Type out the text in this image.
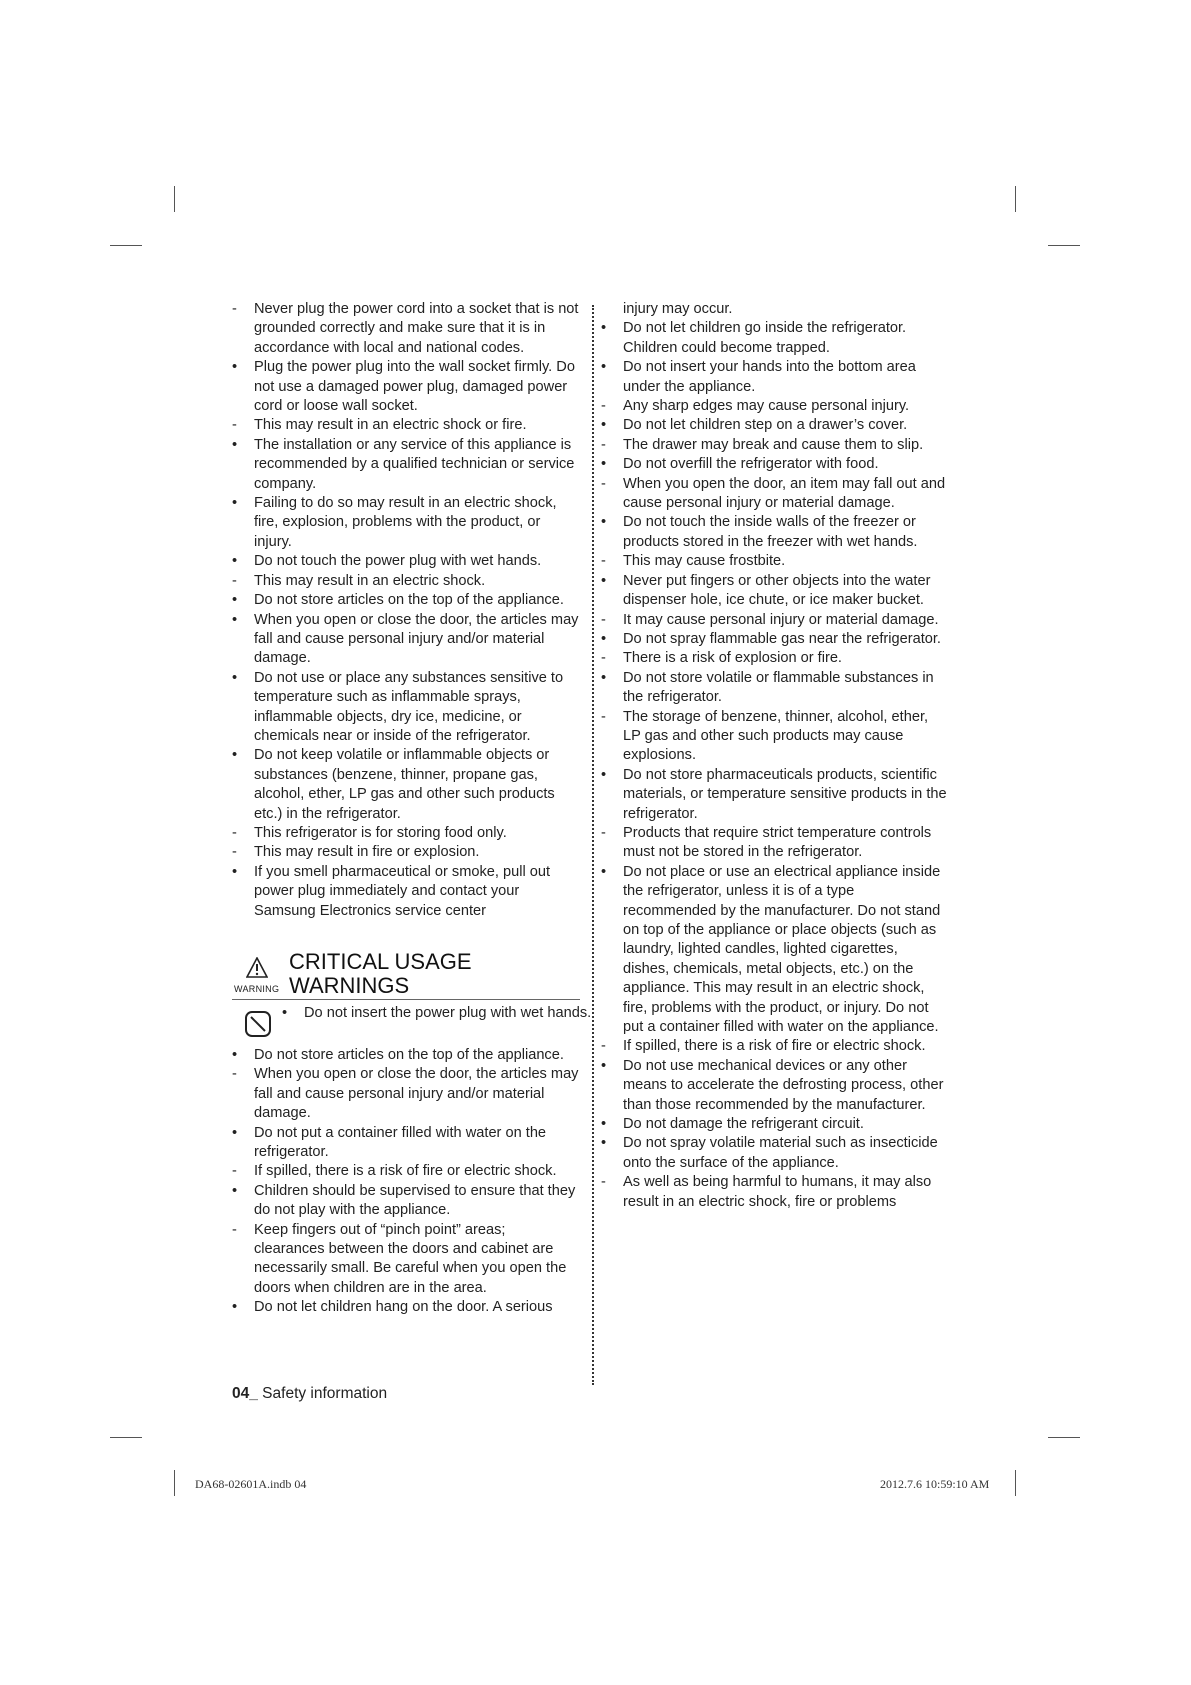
-	Never plug the power cord into a socket that is not grounded correctly and make sure that it is in accordance with local and national codes.
•	Plug the power plug into the wall socket firmly. Do not use a damaged power plug, damaged power cord or loose wall socket.
-	This may result in an electric shock or fire.
•	The installation or any service of this appliance is recommended by a qualified technician or service company.
•	Failing to do so may result in an electric shock, fire, explosion, problems with the product, or injury.
•	Do not touch the power plug with wet hands.
-	This may result in an electric shock.
•	Do not store articles on the top of the appliance.
•	When you open or close the door, the articles may fall and cause personal injury and/or material damage.
•	Do not use or place any substances sensitive to temperature such as inflammable sprays, inflammable objects, dry ice, medicine, or chemicals near or inside of the refrigerator.
•	Do not keep volatile or inflammable objects or substances (benzene, thinner, propane gas, alcohol, ether, LP gas and other such products etc.) in the refrigerator.
-	This refrigerator is for storing food only.
-	This may result in fire or explosion.
•	If you smell pharmaceutical or smoke, pull out power plug immediately and contact your Samsung Electronics service center
WARNING
CRITICAL USAGE
WARNINGS
•	Do not insert the power plug with wet hands.
•	Do not store articles on the top of the appliance.
-	When you open or close the door, the articles may fall and cause personal injury and/or material damage.
•	Do not put a container filled with water on the refrigerator.
-	If spilled, there is a risk of fire or electric shock.
•	Children should be supervised to ensure that they do not play with the appliance.
-	Keep fingers out of “pinch point” areas; clearances between the doors and cabinet are necessarily small. Be careful when you open the doors when children are in the area.
•	Do not let children hang on the door. A serious
injury may occur.
•	Do not let children go inside the refrigerator. Children could become trapped.
•	Do not insert your hands into the bottom area under the appliance.
-	Any sharp edges may cause personal injury.
•	Do not let children step on a drawer’s cover.
-	The drawer may break and cause them to slip.
•	Do not overfill the refrigerator with food.
-	When you open the door, an item may fall out and cause personal injury or material damage.
•	Do not touch the inside walls of the freezer or products stored in the freezer with wet hands.
-	This may cause frostbite.
•	Never put fingers or other objects into the water dispenser hole, ice chute, or ice maker bucket.
-	It may cause personal injury or material damage.
•	Do not spray flammable gas near the refrigerator.
-	There is a risk of explosion or fire.
•	Do not store volatile or flammable substances in the refrigerator.
-	The storage of benzene, thinner, alcohol, ether, LP gas and other such products may cause explosions.
•	Do not store pharmaceuticals products, scientific materials, or temperature sensitive products in the refrigerator.
-	Products that require strict temperature controls must not be stored in the refrigerator.
•	Do not place or use an electrical appliance inside the refrigerator, unless it is of a type recommended by the manufacturer. Do not stand on top of the appliance or place objects (such as laundry, lighted candles, lighted cigarettes, dishes, chemicals, metal objects, etc.) on the appliance. This may result in an electric shock, fire, problems with the product, or injury. Do not put a container filled with water on the appliance.
-	If spilled, there is a risk of fire or electric shock.
•	Do not use mechanical devices or any other means to accelerate the defrosting process, other than those recommended by the manufacturer.
•	Do not damage the refrigerant circuit.
•	Do not spray volatile material such as insecticide onto the surface of the appliance.
-	As well as being harmful to humans, it may also result in an electric shock, fire or problems
04_ Safety information
DA68-02601A.indb 04	2012.7.6 10:59:10 AM
